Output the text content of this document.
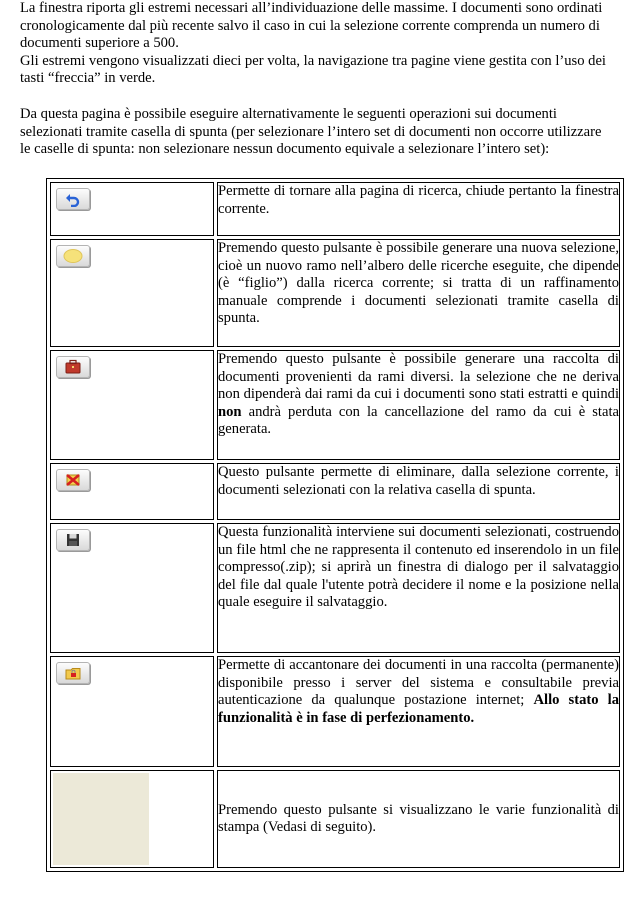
La finestra riporta gli estremi necessari all’individuazione delle massime. I documenti sono ordinati
cronologicamente dal più recente salvo il caso in cui la selezione corrente comprenda un numero di
documenti superiore a 500.
Gli estremi vengono visualizzati dieci per volta, la navigazione tra pagine viene gestita con l’uso dei
tasti “freccia” in verde.
Da questa pagina è possibile eseguire alternativamente le seguenti operazioni sui documenti
selezionati tramite casella di spunta (per selezionare l’intero set di documenti non occorre utilizzare
le caselle di spunta: non selezionare nessun documento equivale a selezionare l’intero set):
	Permette di tornare alla pagina di ricerca, chiude pertanto la finestra corrente.

	Premendo questo pulsante è possibile generare una nuova selezione, cioè un nuovo ramo nell’albero delle ricerche eseguite, che dipende (è “figlio”) dalla ricerca corrente; si tratta di un raffinamento manuale comprende i documenti selezionati tramite casella di spunta.

	Premendo questo pulsante è possibile generare una raccolta di documenti provenienti da rami diversi. la selezione che ne deriva non dipenderà dai rami da cui i documenti sono stati estratti e quindi non andrà perduta con la cancellazione del ramo da cui è stata generata.

	Questo pulsante permette di eliminare, dalla selezione corrente, i documenti selezionati con la relativa casella di spunta.

	Questa funzionalità interviene sui documenti selezionati, costruendo un file html che ne rappresenta il contenuto ed inserendolo in un file compresso(.zip); si aprirà un finestra di dialogo per il salvataggio del file dal quale l'utente potrà decidere il nome e la posizione nella quale eseguire il salvataggio.

	Permette di accantonare dei documenti in una raccolta (permanente) disponibile presso i server del sistema e consultabile previa autenticazione da qualunque postazione internet; Allo stato la funzionalità è in fase di perfezionamento.

	Premendo questo pulsante si visualizzano le varie funzionalità di stampa (Vedasi di seguito).
